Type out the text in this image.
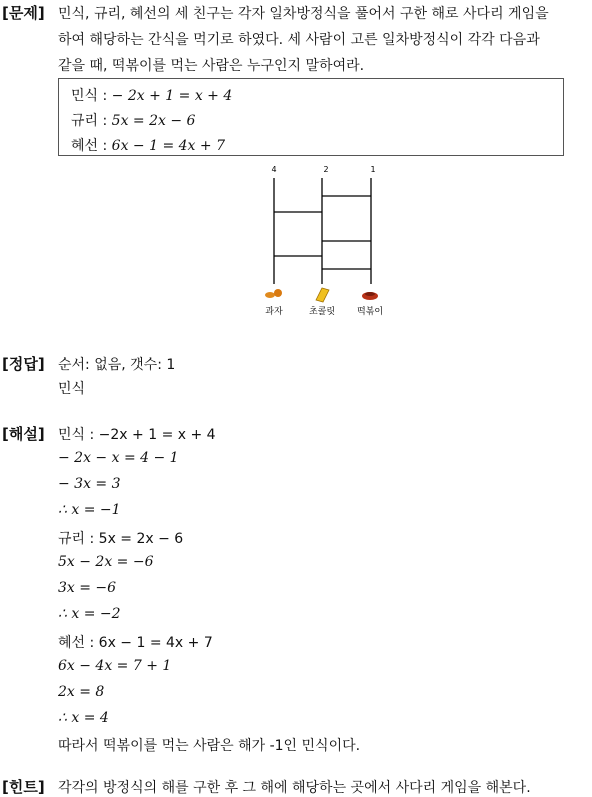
[문제] 민식, 규리, 혜선의 세 친구는 각자 일차방정식을 풀어서 구한 해로 사다리 게임을
하여 해당하는 간식을 먹기로 하였다. 세 사람이 고른 일차방정식이 각각 다음과
같을 때, 떡볶이를 먹는 사람은 누구인지 말하여라.
민식 : − 2x + 1 = x + 4
규리 : 5x = 2x − 6
혜선 : 6x − 1 = 4x + 7
4	2	1
과자	초콜릿 떡볶이
[정답] 순서: 없음, 갯수: 1
민식
[해설] 민식 : −2x + 1 = x + 4
− 2x − x = 4 − 1
− 3x = 3
∴ x = −1
규리 : 5x = 2x − 6
5x − 2x = −6
3x = −6
∴ x = −2
혜선 : 6x − 1 = 4x + 7
6x − 4x = 7 + 1
2x = 8
∴ x = 4
따라서 떡볶이를 먹는 사람은 해가 -1인 민식이다.
[힌트] 각각의 방정식의 해를 구한 후 그 해에 해당하는 곳에서 사다리 게임을 해본다.
